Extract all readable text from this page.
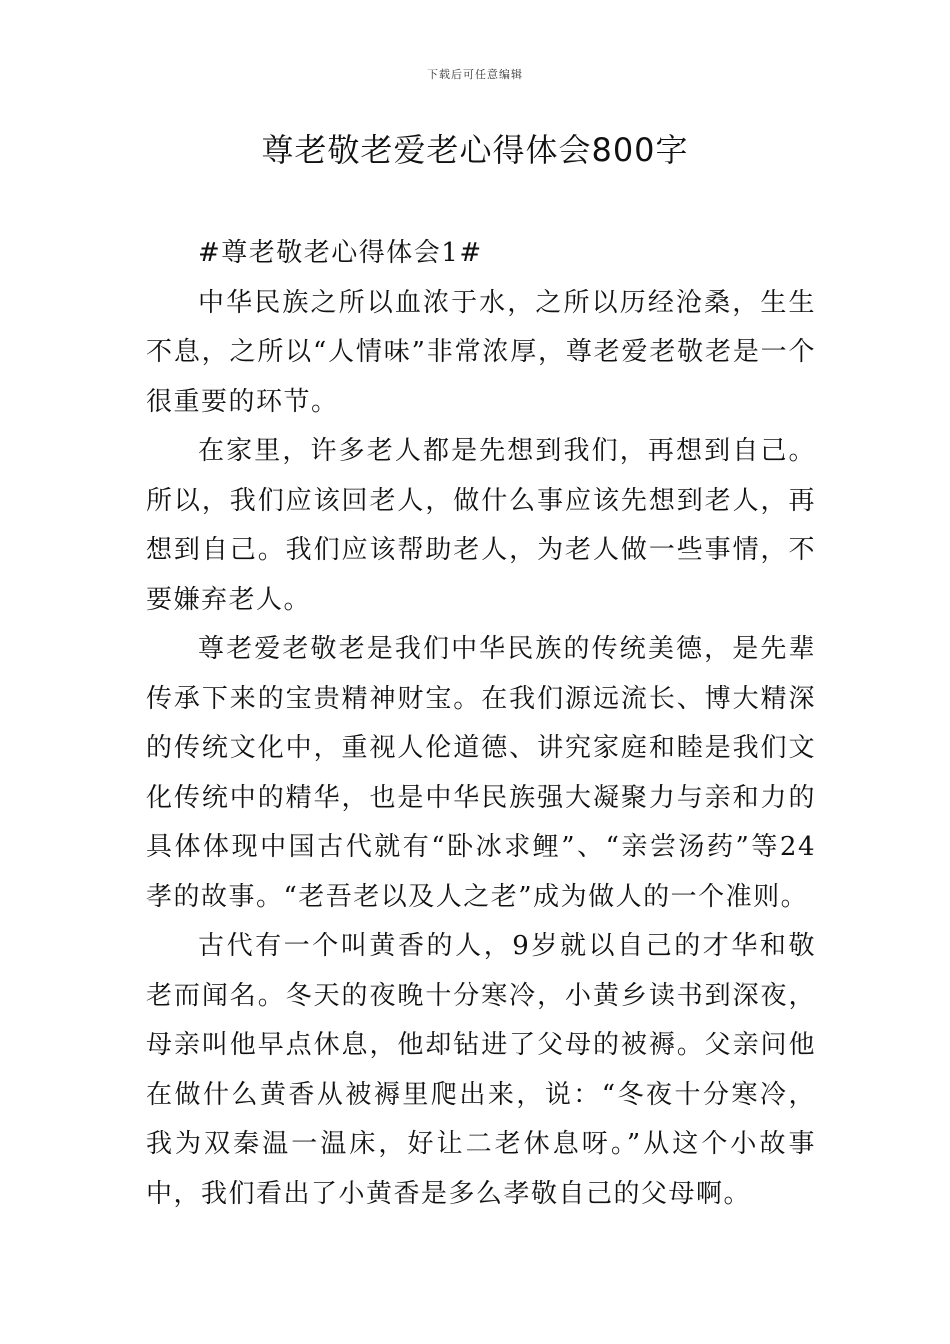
下载后可任意编辑
尊老敬老爱老心得体会800字

#尊老敬老心得体会1#

中华民族之所以血浓于水，之所以历经沧桑，生生不息，之所以“人情味”非常浓厚，尊老爱老敬老是一个很重要的环节。

在家里，许多老人都是先想到我们，再想到自己。所以，我们应该回老人，做什么事应该先想到老人，再想到自己。我们应该帮助老人，为老人做一些事情，不要嫌弃老人。

尊老爱老敬老是我们中华民族的传统美德，是先辈传承下来的宝贵精神财宝。在我们源远流长、博大精深的传统文化中，重视人伦道德、讲究家庭和睦是我们文化传统中的精华，也是中华民族强大凝聚力与亲和力的具体体现中国古代就有“卧冰求鲤”、“亲尝汤药”等24孝的故事。“老吾老以及人之老”成为做人的一个准则。

古代有一个叫黄香的人，9岁就以自己的才华和敬老而闻名。冬天的夜晚十分寒冷，小黄乡读书到深夜，母亲叫他早点休息，他却钻进了父母的被褥。父亲问他在做什么黄香从被褥里爬出来，说：“冬夜十分寒冷，我为双秦温一温床，好让二老休息呀。”从这个小故事中，我们看出了小黄香是多么孝敬自己的父母啊。
